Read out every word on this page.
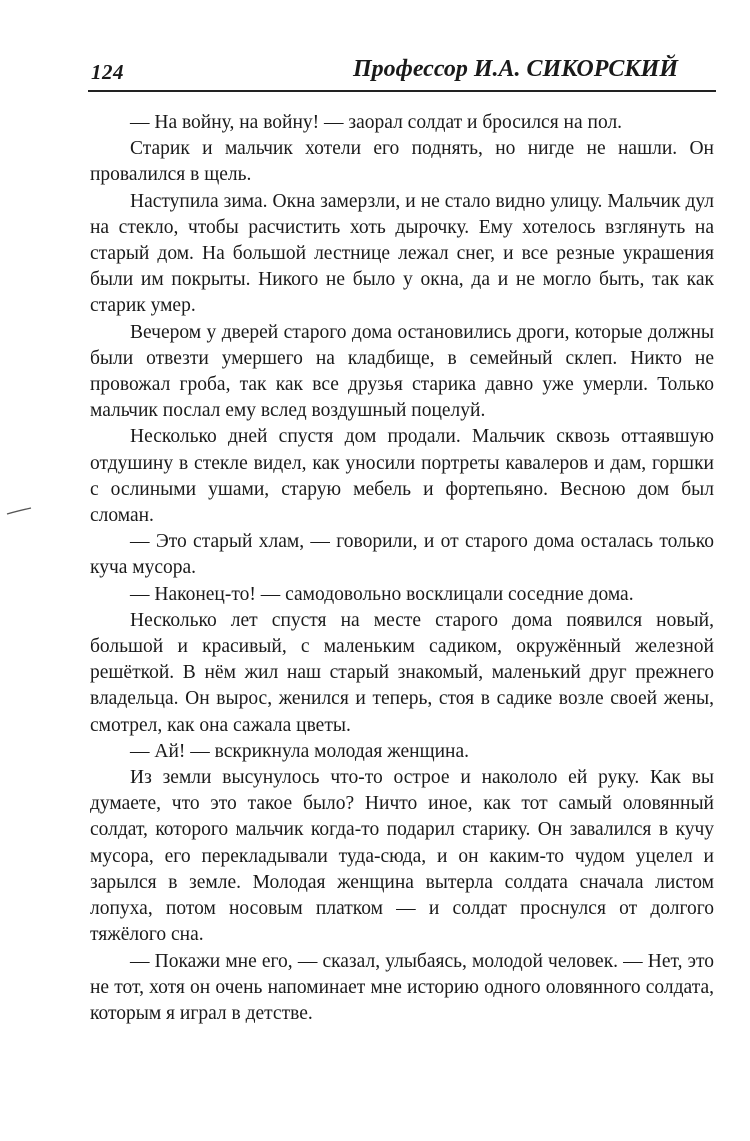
124	Профессор И.А. СИКОРСКИЙ

— На войну, на войну! — заорал солдат и бросился на пол.

Старик и мальчик хотели его поднять, но нигде не нашли. Он провалился в щель.

Наступила зима. Окна замерзли, и не стало видно улицу. Мальчик дул на стекло, чтобы расчистить хоть дырочку. Ему хотелось взглянуть на старый дом. На большой лестнице лежал снег, и все резные украшения были им покрыты. Никого не было у окна, да и не могло быть, так как старик умер.

Вечером у дверей старого дома остановились дроги, которые должны были отвезти умершего на кладбище, в семейный склеп. Никто не провожал гроба, так как все друзья старика давно уже умерли. Только мальчик послал ему вслед воздушный поцелуй.

Несколько дней спустя дом продали. Мальчик сквозь оттаявшую отдушину в стекле видел, как уносили портреты кавалеров и дам, горшки с ослиными ушами, старую мебель и фортепьяно. Весною дом был сломан.

— Это старый хлам, — говорили, и от старого дома осталась только куча мусора.

— Наконец-то! — самодовольно восклицали соседние дома.

Несколько лет спустя на месте старого дома появился новый, большой и красивый, с маленьким садиком, окружённый железной решёткой. В нём жил наш старый знакомый, маленький друг прежнего владельца. Он вырос, женился и теперь, стоя в садике возле своей жены, смотрел, как она сажала цветы.

— Ай! — вскрикнула молодая женщина.

Из земли высунулось что-то острое и накололо ей руку. Как вы думаете, что это такое было? Ничто иное, как тот самый оловянный солдат, которого мальчик когда-то подарил старику. Он завалился в кучу мусора, его перекладывали туда-сюда, и он каким-то чудом уцелел и зарылся в земле. Молодая женщина вытерла солдата сначала листом лопуха, потом носовым платком — и солдат проснулся от долгого тяжёлого сна.

— Покажи мне его, — сказал, улыбаясь, молодой человек. — Нет, это не тот, хотя он очень напоминает мне историю одного оловянного солдата, которым я играл в детстве.
